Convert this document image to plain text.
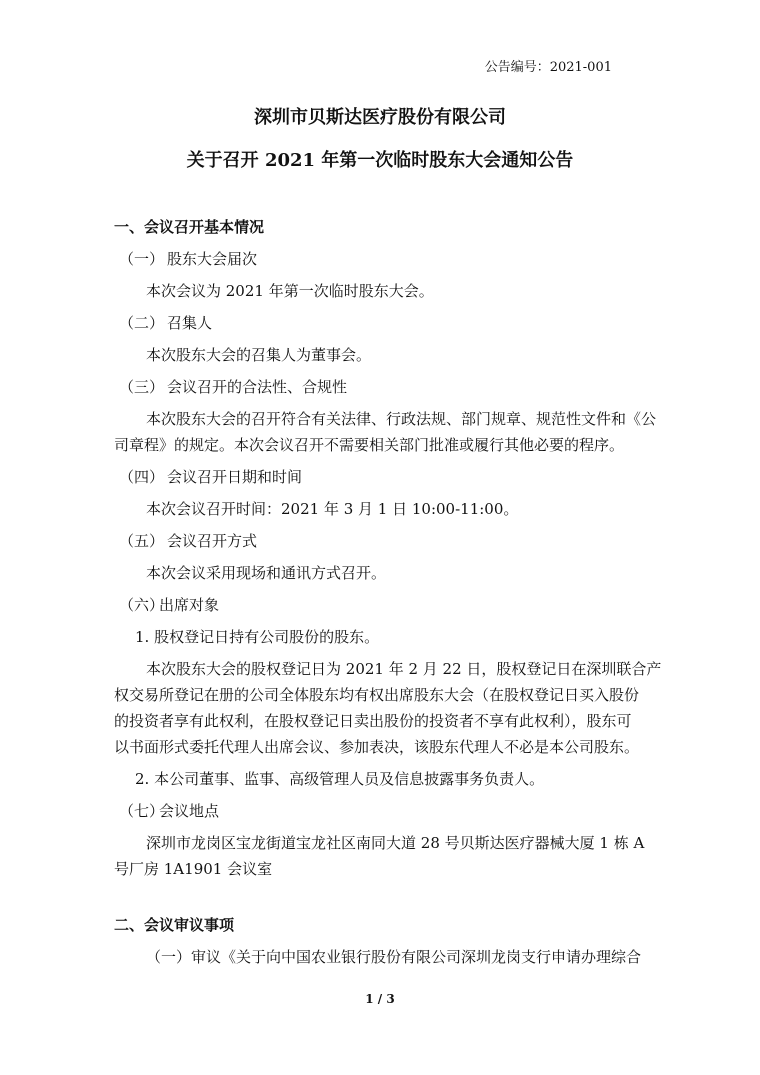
公告编号：2021-001
深圳市贝斯达医疗股份有限公司
关于召开 2021 年第一次临时股东大会通知公告
一、会议召开基本情况
（一） 股东大会届次
本次会议为 2021 年第一次临时股东大会。
（二） 召集人
本次股东大会的召集人为董事会。
（三） 会议召开的合法性、合规性
本次股东大会的召开符合有关法律、行政法规、部门规章、规范性文件和《公
司章程》的规定。本次会议召开不需要相关部门批准或履行其他必要的程序。
（四） 会议召开日期和时间
本次会议召开时间：2021 年 3 月 1 日 10:00-11:00。
（五） 会议召开方式
本次会议采用现场和通讯方式召开。
（六）出席对象
1. 股权登记日持有公司股份的股东。
本次股东大会的股权登记日为 2021 年 2 月 22 日，股权登记日在深圳联合产
权交易所登记在册的公司全体股东均有权出席股东大会（在股权登记日买入股份
的投资者享有此权利，在股权登记日卖出股份的投资者不享有此权利），股东可
以书面形式委托代理人出席会议、参加表决，该股东代理人不必是本公司股东。
2. 本公司董事、监事、高级管理人员及信息披露事务负责人。
（七）会议地点
深圳市龙岗区宝龙街道宝龙社区南同大道 28 号贝斯达医疗器械大厦 1 栋 A
号厂房 1A1901 会议室
二、会议审议事项
（一）审议《关于向中国农业银行股份有限公司深圳龙岗支行申请办理综合
1 / 3
